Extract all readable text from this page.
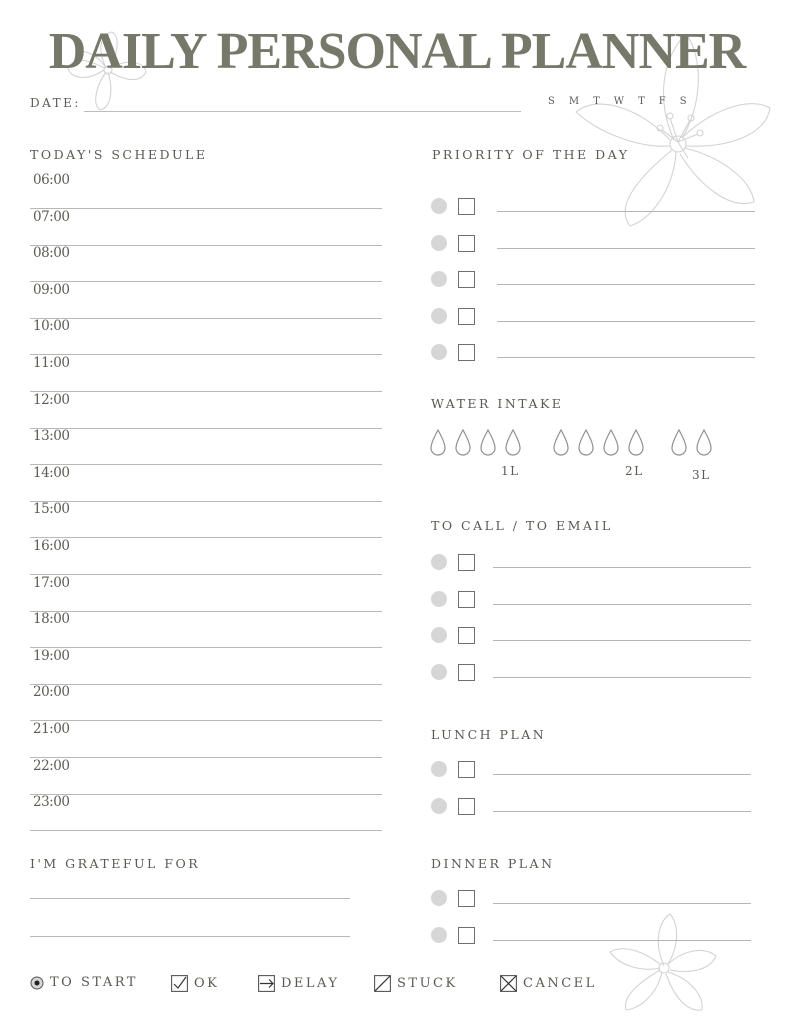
DAILY PERSONAL PLANNER
DATE:	S M T W T F S
TODAY'S SCHEDULE
06:00
07:00
08:00
09:00
10:00
11:00
12:00
13:00
14:00
15:00
16:00
17:00
18:00
19:00
20:00
21:00
22:00
23:00
I'M GRATEFUL FOR
PRIORITY OF THE DAY
WATER INTAKE
1L	2L	3L
TO CALL / TO EMAIL
LUNCH PLAN
DINNER PLAN
TO START	OK	DELAY	STUCK	CANCEL
